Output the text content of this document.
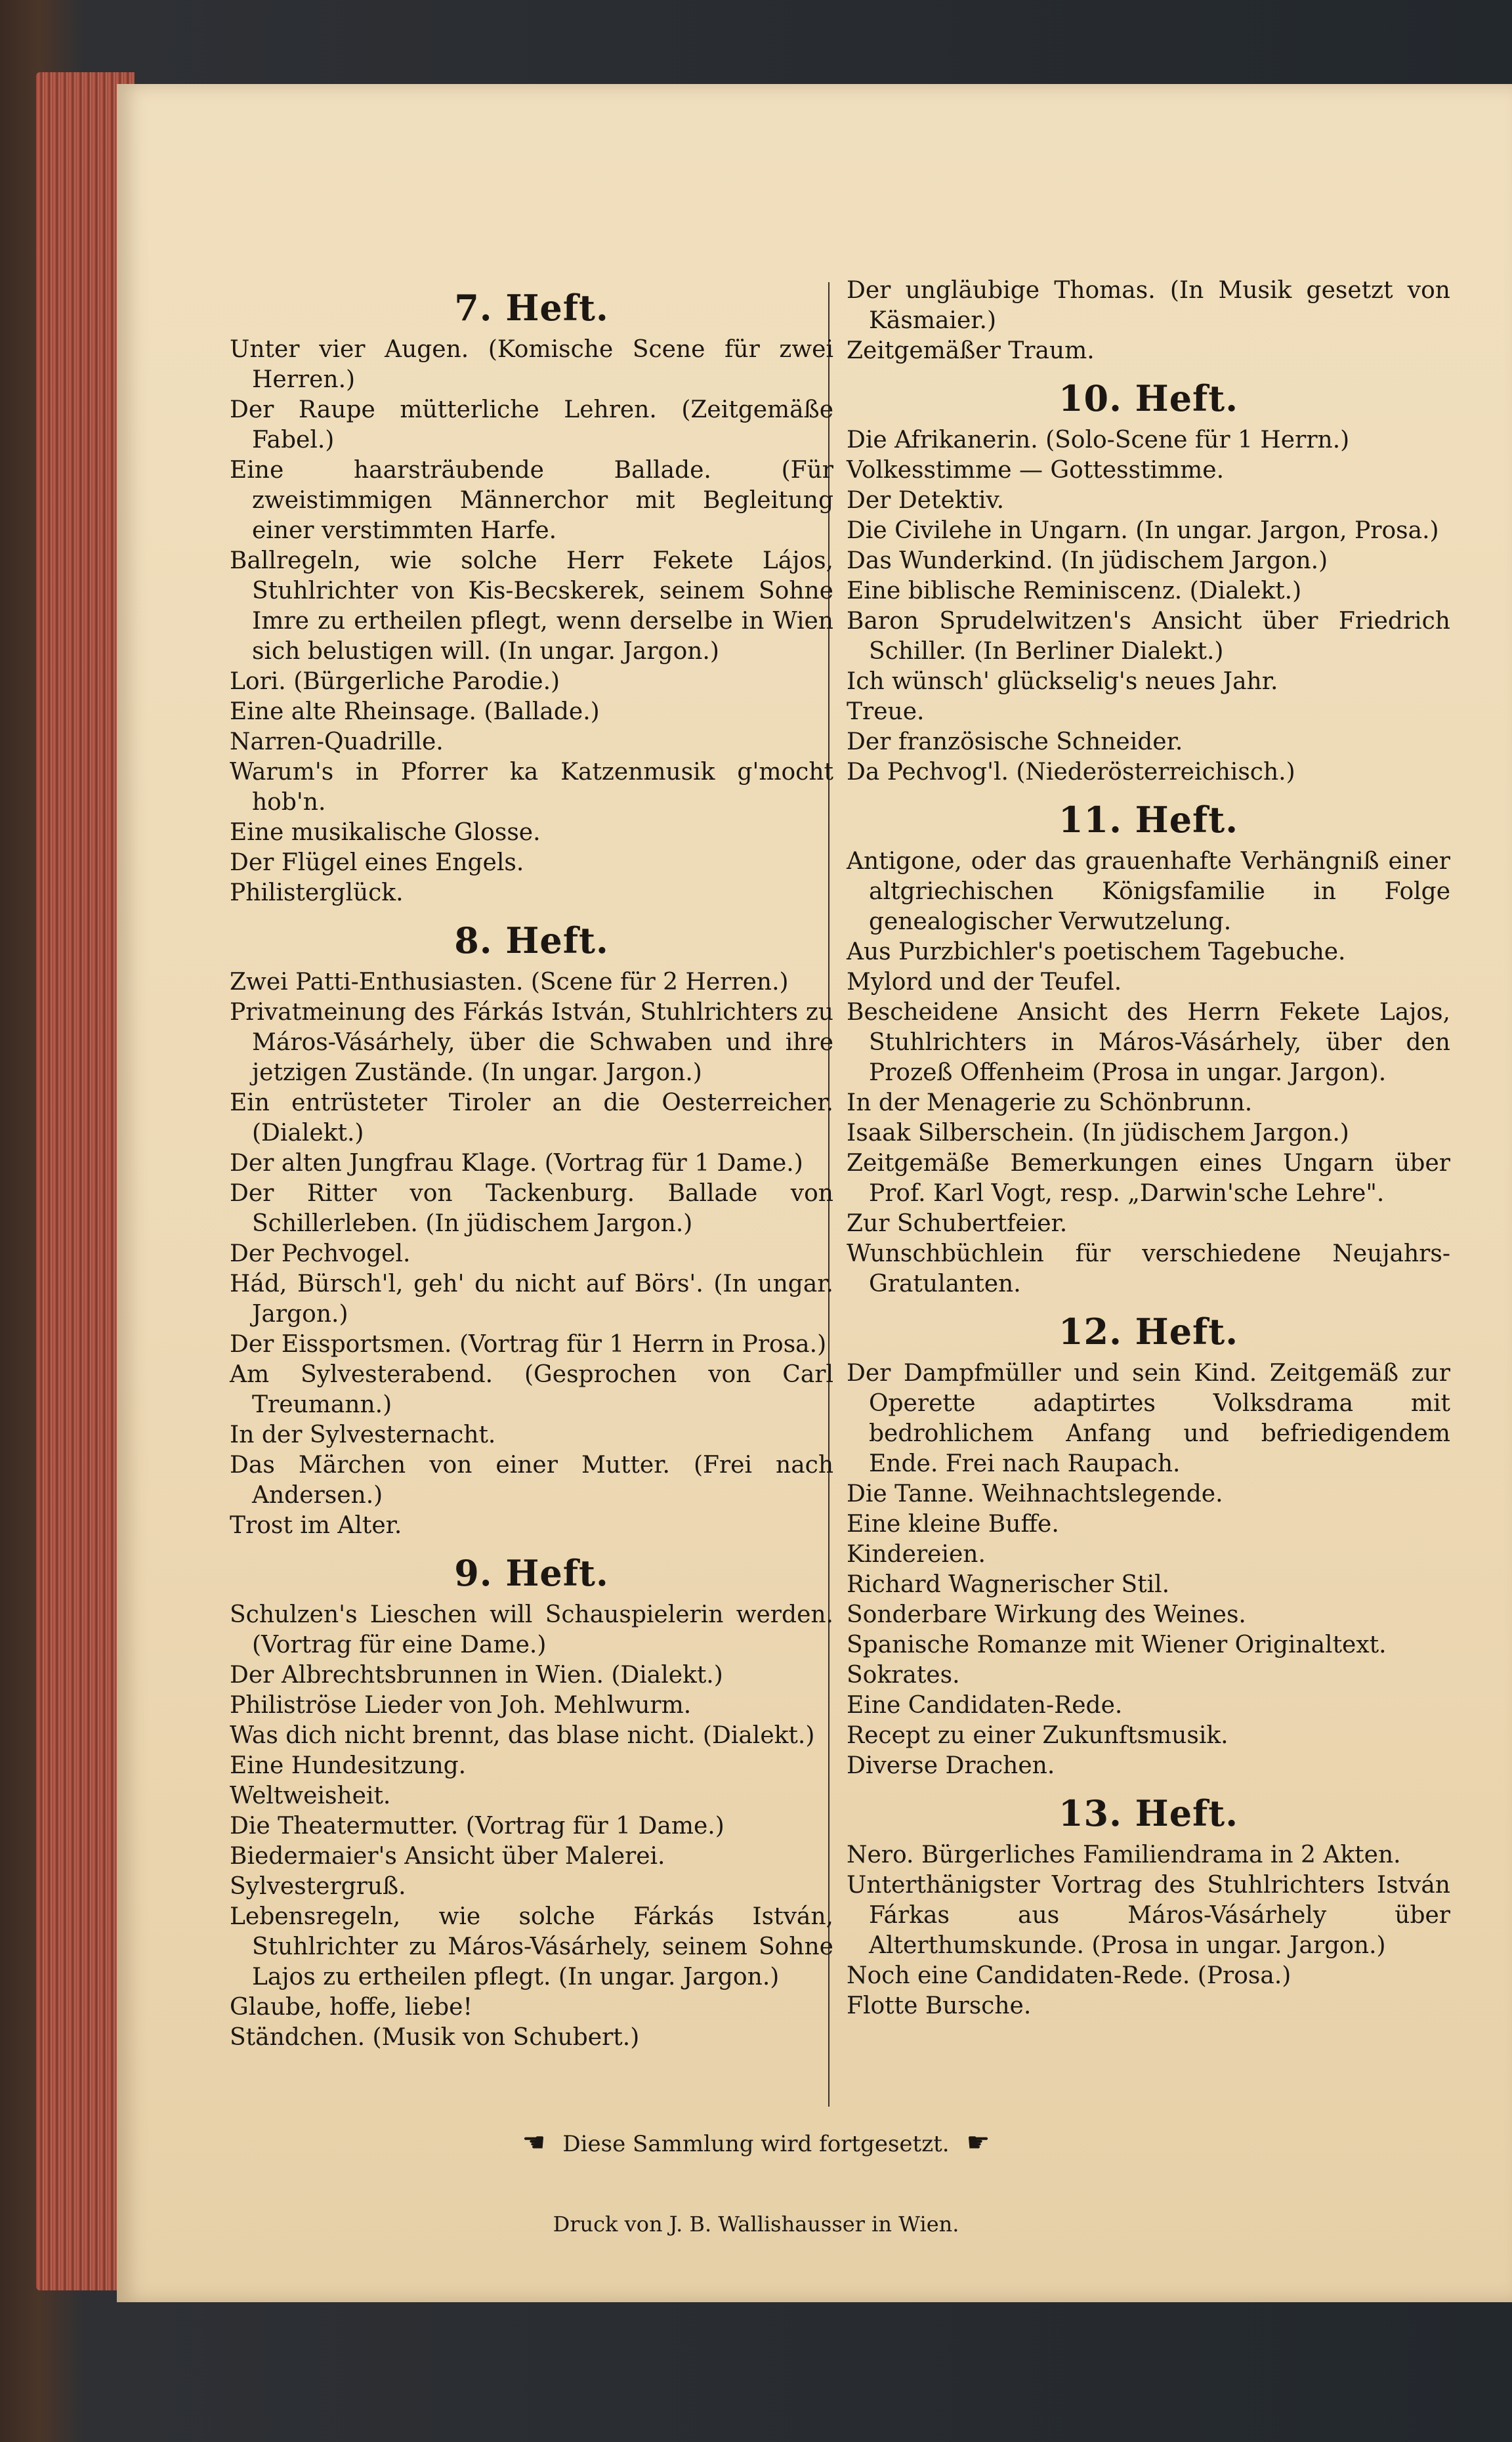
7. Heft.
Unter vier Augen. (Komische Scene für zwei Herren.)
Der Raupe mütterliche Lehren. (Zeitgemäße Fabel.)
Eine haarsträubende Ballade. (Für zweistimmigen Männerchor mit Begleitung einer verstimmten Harfe.
Ballregeln, wie solche Herr Fekete Lájos, Stuhlrichter von Kis-Becskerek, seinem Sohne Imre zu ertheilen pflegt, wenn derselbe in Wien sich belustigen will. (In ungar. Jargon.)
Lori. (Bürgerliche Parodie.)
Eine alte Rheinsage. (Ballade.)
Narren-Quadrille.
Warum's in Pforrer ka Katzenmusik g'mocht hob'n.
Eine musikalische Glosse.
Der Flügel eines Engels.
Philisterglück.
8. Heft.
Zwei Patti-Enthusiasten. (Scene für 2 Herren.)
Privatmeinung des Fárkás István, Stuhlrichters zu Máros-Vásárhely, über die Schwaben und ihre jetzigen Zustände. (In ungar. Jargon.)
Ein entrüsteter Tiroler an die Oesterreicher. (Dialekt.)
Der alten Jungfrau Klage. (Vortrag für 1 Dame.)
Der Ritter von Tackenburg. Ballade von Schillerleben. (In jüdischem Jargon.)
Der Pechvogel.
Hád, Bürsch'l, geh' du nicht auf Börs'. (In ungar. Jargon.)
Der Eissportsmen. (Vortrag für 1 Herrn in Prosa.)
Am Sylvesterabend. (Gesprochen von Carl Treumann.)
In der Sylvesternacht.
Das Märchen von einer Mutter. (Frei nach Andersen.)
Trost im Alter.
9. Heft.
Schulzen's Lieschen will Schauspielerin werden. (Vortrag für eine Dame.)
Der Albrechtsbrunnen in Wien. (Dialekt.)
Philiströse Lieder von Joh. Mehlwurm.
Was dich nicht brennt, das blase nicht. (Dialekt.)
Eine Hundesitzung.
Weltweisheit.
Die Theatermutter. (Vortrag für 1 Dame.)
Biedermaier's Ansicht über Malerei.
Sylvestergruß.
Lebensregeln, wie solche Fárkás István, Stuhlrichter zu Máros-Vásárhely, seinem Sohne Lajos zu ertheilen pflegt. (In ungar. Jargon.)
Glaube, hoffe, liebe!
Ständchen. (Musik von Schubert.)
Der ungläubige Thomas. (In Musik gesetzt von Käsmaier.)
Zeitgemäßer Traum.
10. Heft.
Die Afrikanerin. (Solo-Scene für 1 Herrn.)
Volkesstimme — Gottesstimme.
Der Detektiv.
Die Civilehe in Ungarn. (In ungar. Jargon, Prosa.)
Das Wunderkind. (In jüdischem Jargon.)
Eine biblische Reminiscenz. (Dialekt.)
Baron Sprudelwitzen's Ansicht über Friedrich Schiller. (In Berliner Dialekt.)
Ich wünsch' glückselig's neues Jahr.
Treue.
Der französische Schneider.
Da Pechvog'l. (Niederösterreichisch.)
11. Heft.
Antigone, oder das grauenhafte Verhängniß einer altgriechischen Königsfamilie in Folge genealogischer Verwutzelung.
Aus Purzbichler's poetischem Tagebuche.
Mylord und der Teufel.
Bescheidene Ansicht des Herrn Fekete Lajos, Stuhlrichters in Máros-Vásárhely, über den Prozeß Offenheim (Prosa in ungar. Jargon).
In der Menagerie zu Schönbrunn.
Isaak Silberschein. (In jüdischem Jargon.)
Zeitgemäße Bemerkungen eines Ungarn über Prof. Karl Vogt, resp. „Darwin'sche Lehre".
Zur Schubertfeier.
Wunschbüchlein für verschiedene Neujahrs-Gratulanten.
12. Heft.
Der Dampfmüller und sein Kind. Zeitgemäß zur Operette adaptirtes Volksdrama mit bedrohlichem Anfang und befriedigendem Ende. Frei nach Raupach.
Die Tanne. Weihnachtslegende.
Eine kleine Buffe.
Kindereien.
Richard Wagnerischer Stil.
Sonderbare Wirkung des Weines.
Spanische Romanze mit Wiener Originaltext.
Sokrates.
Eine Candidaten-Rede.
Recept zu einer Zukunftsmusik.
Diverse Drachen.
13. Heft.
Nero. Bürgerliches Familiendrama in 2 Akten.
Unterthänigster Vortrag des Stuhlrichters István Fárkas aus Máros-Vásárhely über Alterthumskunde. (Prosa in ungar. Jargon.)
Noch eine Candidaten-Rede. (Prosa.)
Flotte Bursche.
☚ Diese Sammlung wird fortgesetzt. ☛
Druck von J. B. Wallishausser in Wien.
